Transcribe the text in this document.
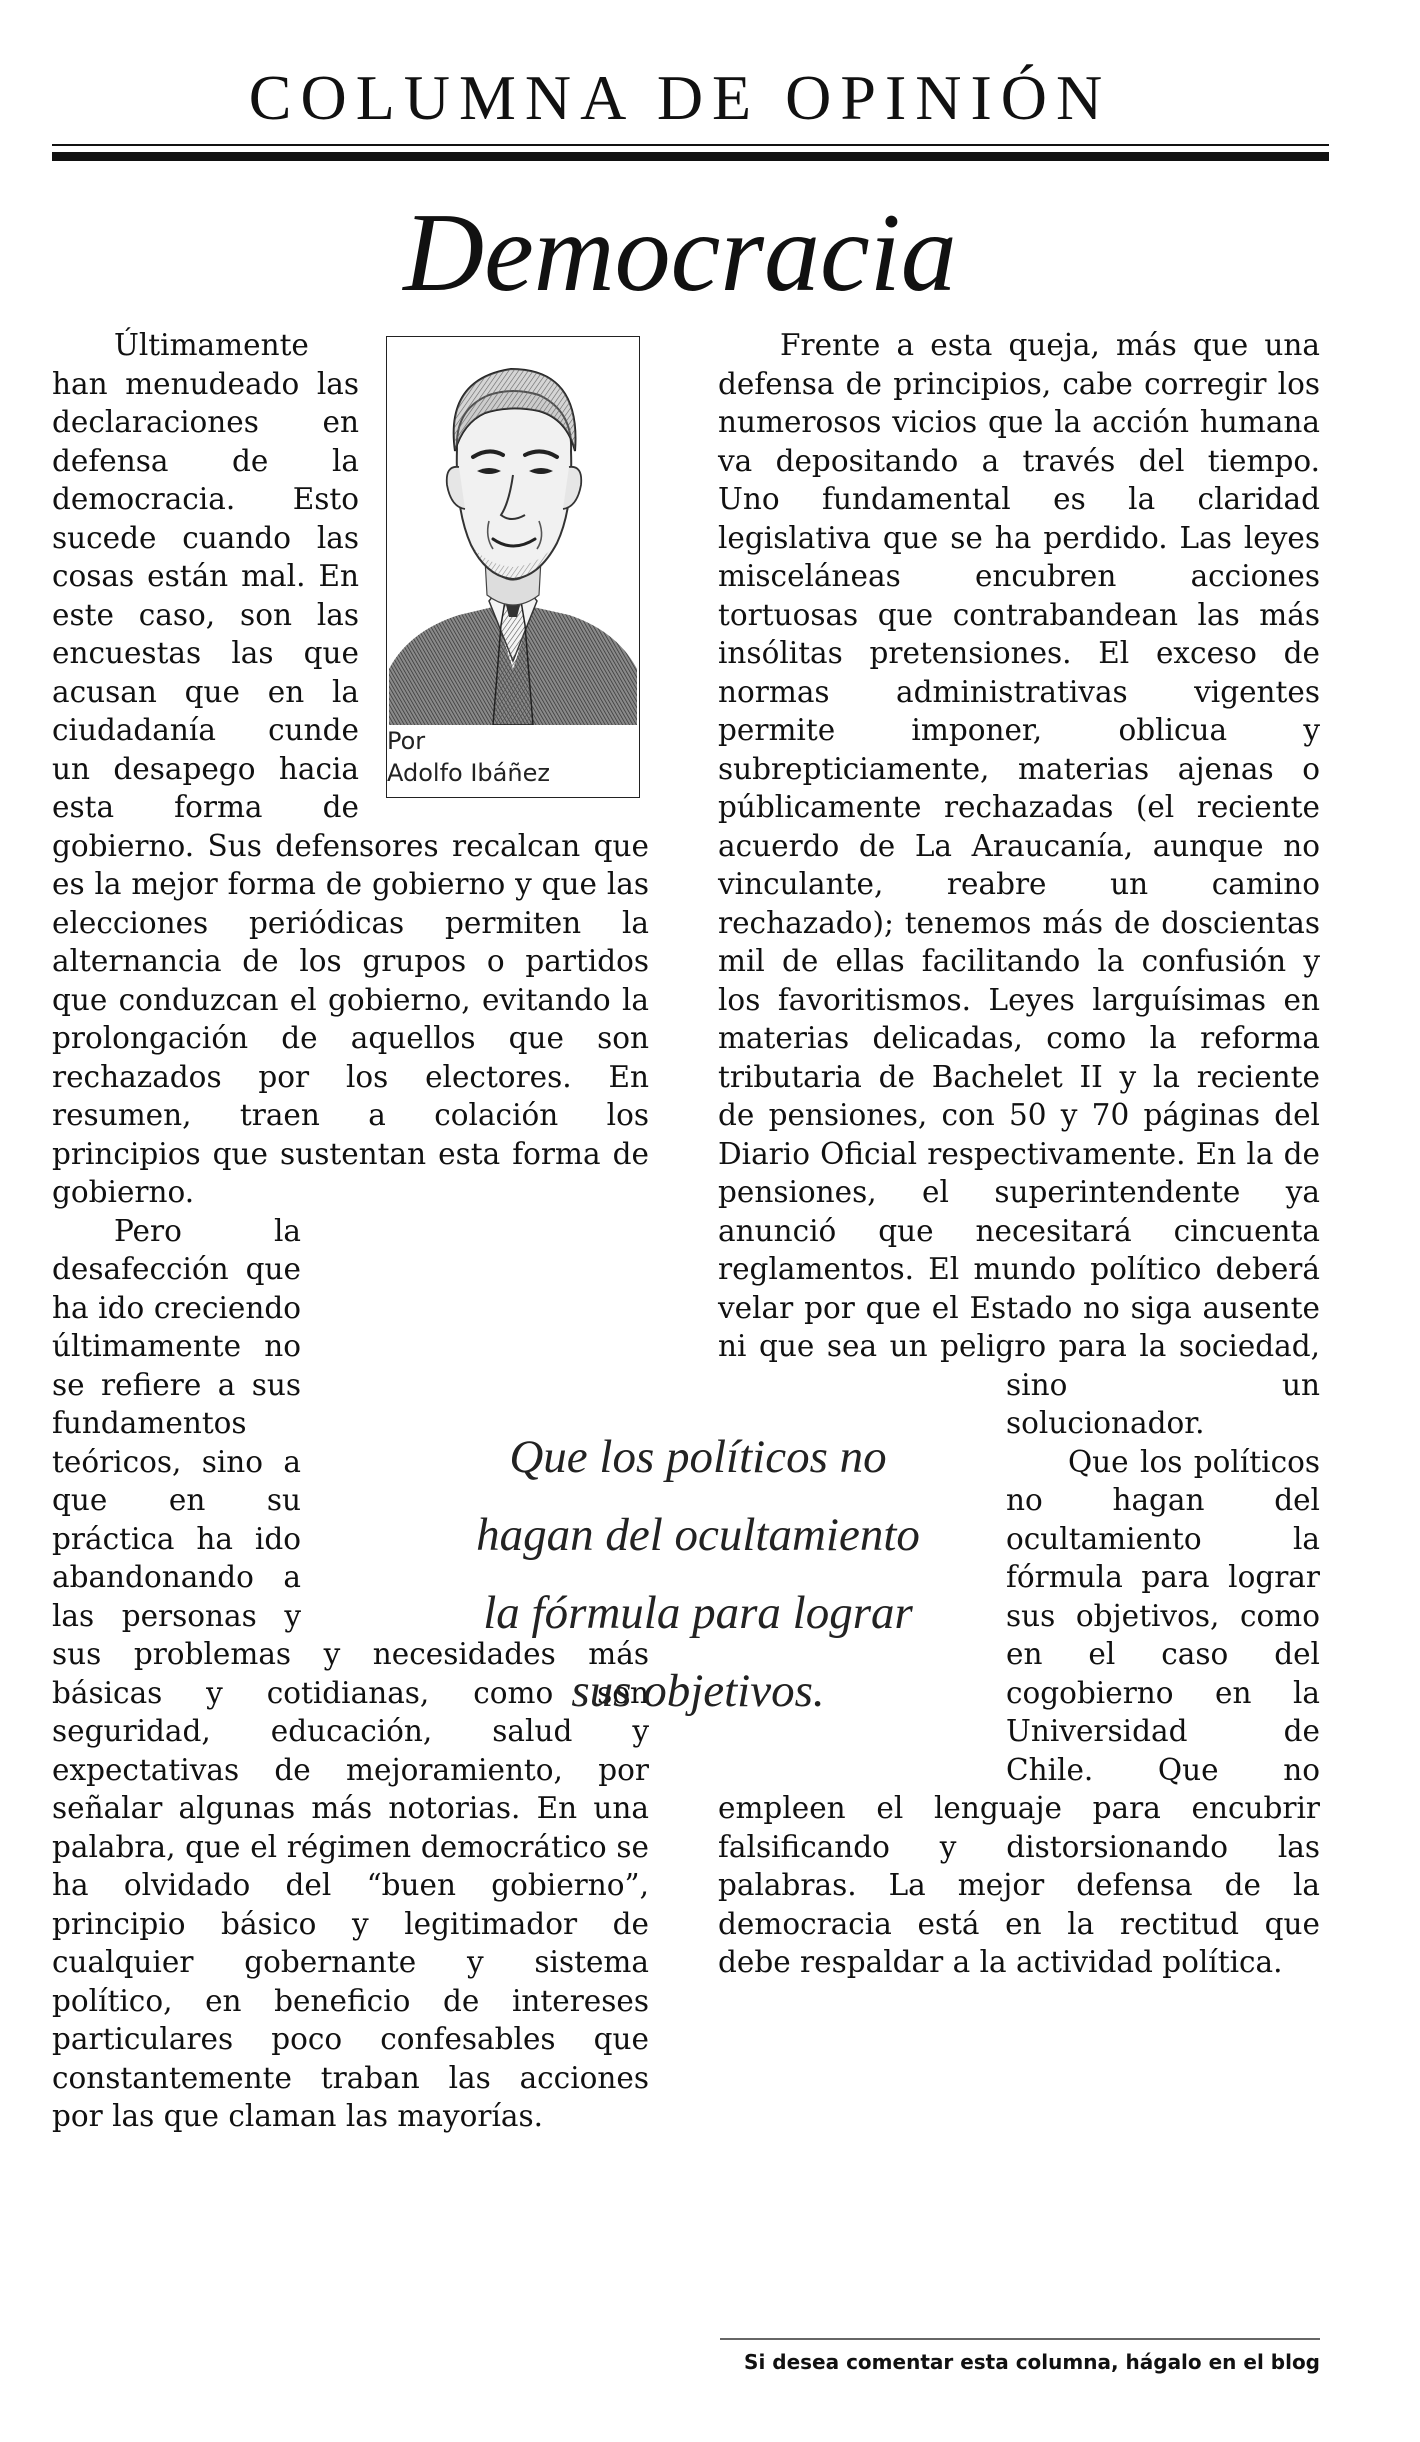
COLUMNA DE OPINIÓN
Democracia

Últimamente han menudeado las declaraciones en defensa de la democracia. Esto sucede cuando las cosas están mal. En este caso, son las encuestas las que acusan que en la ciudadanía cunde un desapego hacia esta forma de gobierno. Sus defensores recalcan que es la mejor forma de gobierno y que las elecciones periódicas permiten la alternancia de los grupos o partidos que conduzcan el gobierno, evitando la prolongación de aquellos que son rechazados por los electores. En resumen, traen a colación los principios que sustentan esta forma de gobierno.

Pero la desafección que ha ido creciendo últimamente no se refiere a sus fundamentos teóricos, sino a que en su práctica ha ido abandonando a las personas y sus problemas y necesidades más básicas y cotidianas, como son seguridad, educación, salud y expectativas de mejoramiento, por señalar algunas más notorias. En una palabra, que el régimen democrático se ha olvidado del “buen gobierno”, principio básico y legitimador de cualquier gobernante y sistema político, en beneficio de intereses particulares poco confesables que constantemente traban las acciones por las que claman las mayorías.

Frente a esta queja, más que una defensa de principios, cabe corregir los numerosos vicios que la acción humana va depositando a través del tiempo. Uno fundamental es la claridad legislativa que se ha perdido. Las leyes misceláneas encubren acciones tortuosas que contrabandean las más insólitas pretensiones. El exceso de normas administrativas vigentes permite imponer, oblicua y subrepticiamente, materias ajenas o públicamente rechazadas (el reciente acuerdo de La Araucanía, aunque no vinculante, reabre un camino rechazado); tenemos más de doscientas mil de ellas facilitando la confusión y los favoritismos. Leyes larguísimas en materias delicadas, como la reforma tributaria de Bachelet II y la reciente de pensiones, con 50 y 70 páginas del Diario Oficial respectivamente. En la de pensiones, el superintendente ya anunció que necesitará cincuenta reglamentos. El mundo político deberá velar por que el Estado no siga ausente ni que sea un peligro para la sociedad, sino un solucionador.

Que los políticos no hagan del ocultamiento la fórmula para lograr sus objetivos, como en el caso del cogobierno en la Universidad de Chile. Que no empleen el lenguaje para encubrir falsificando y distorsionando las palabras. La mejor defensa de la democracia está en la rectitud que debe respaldar a la actividad política.

Por
Adolfo Ibáñez
Que los políticos no
hagan del ocultamiento
la fórmula para lograr
sus objetivos.
Si desea comentar esta columna, hágalo en el blog
